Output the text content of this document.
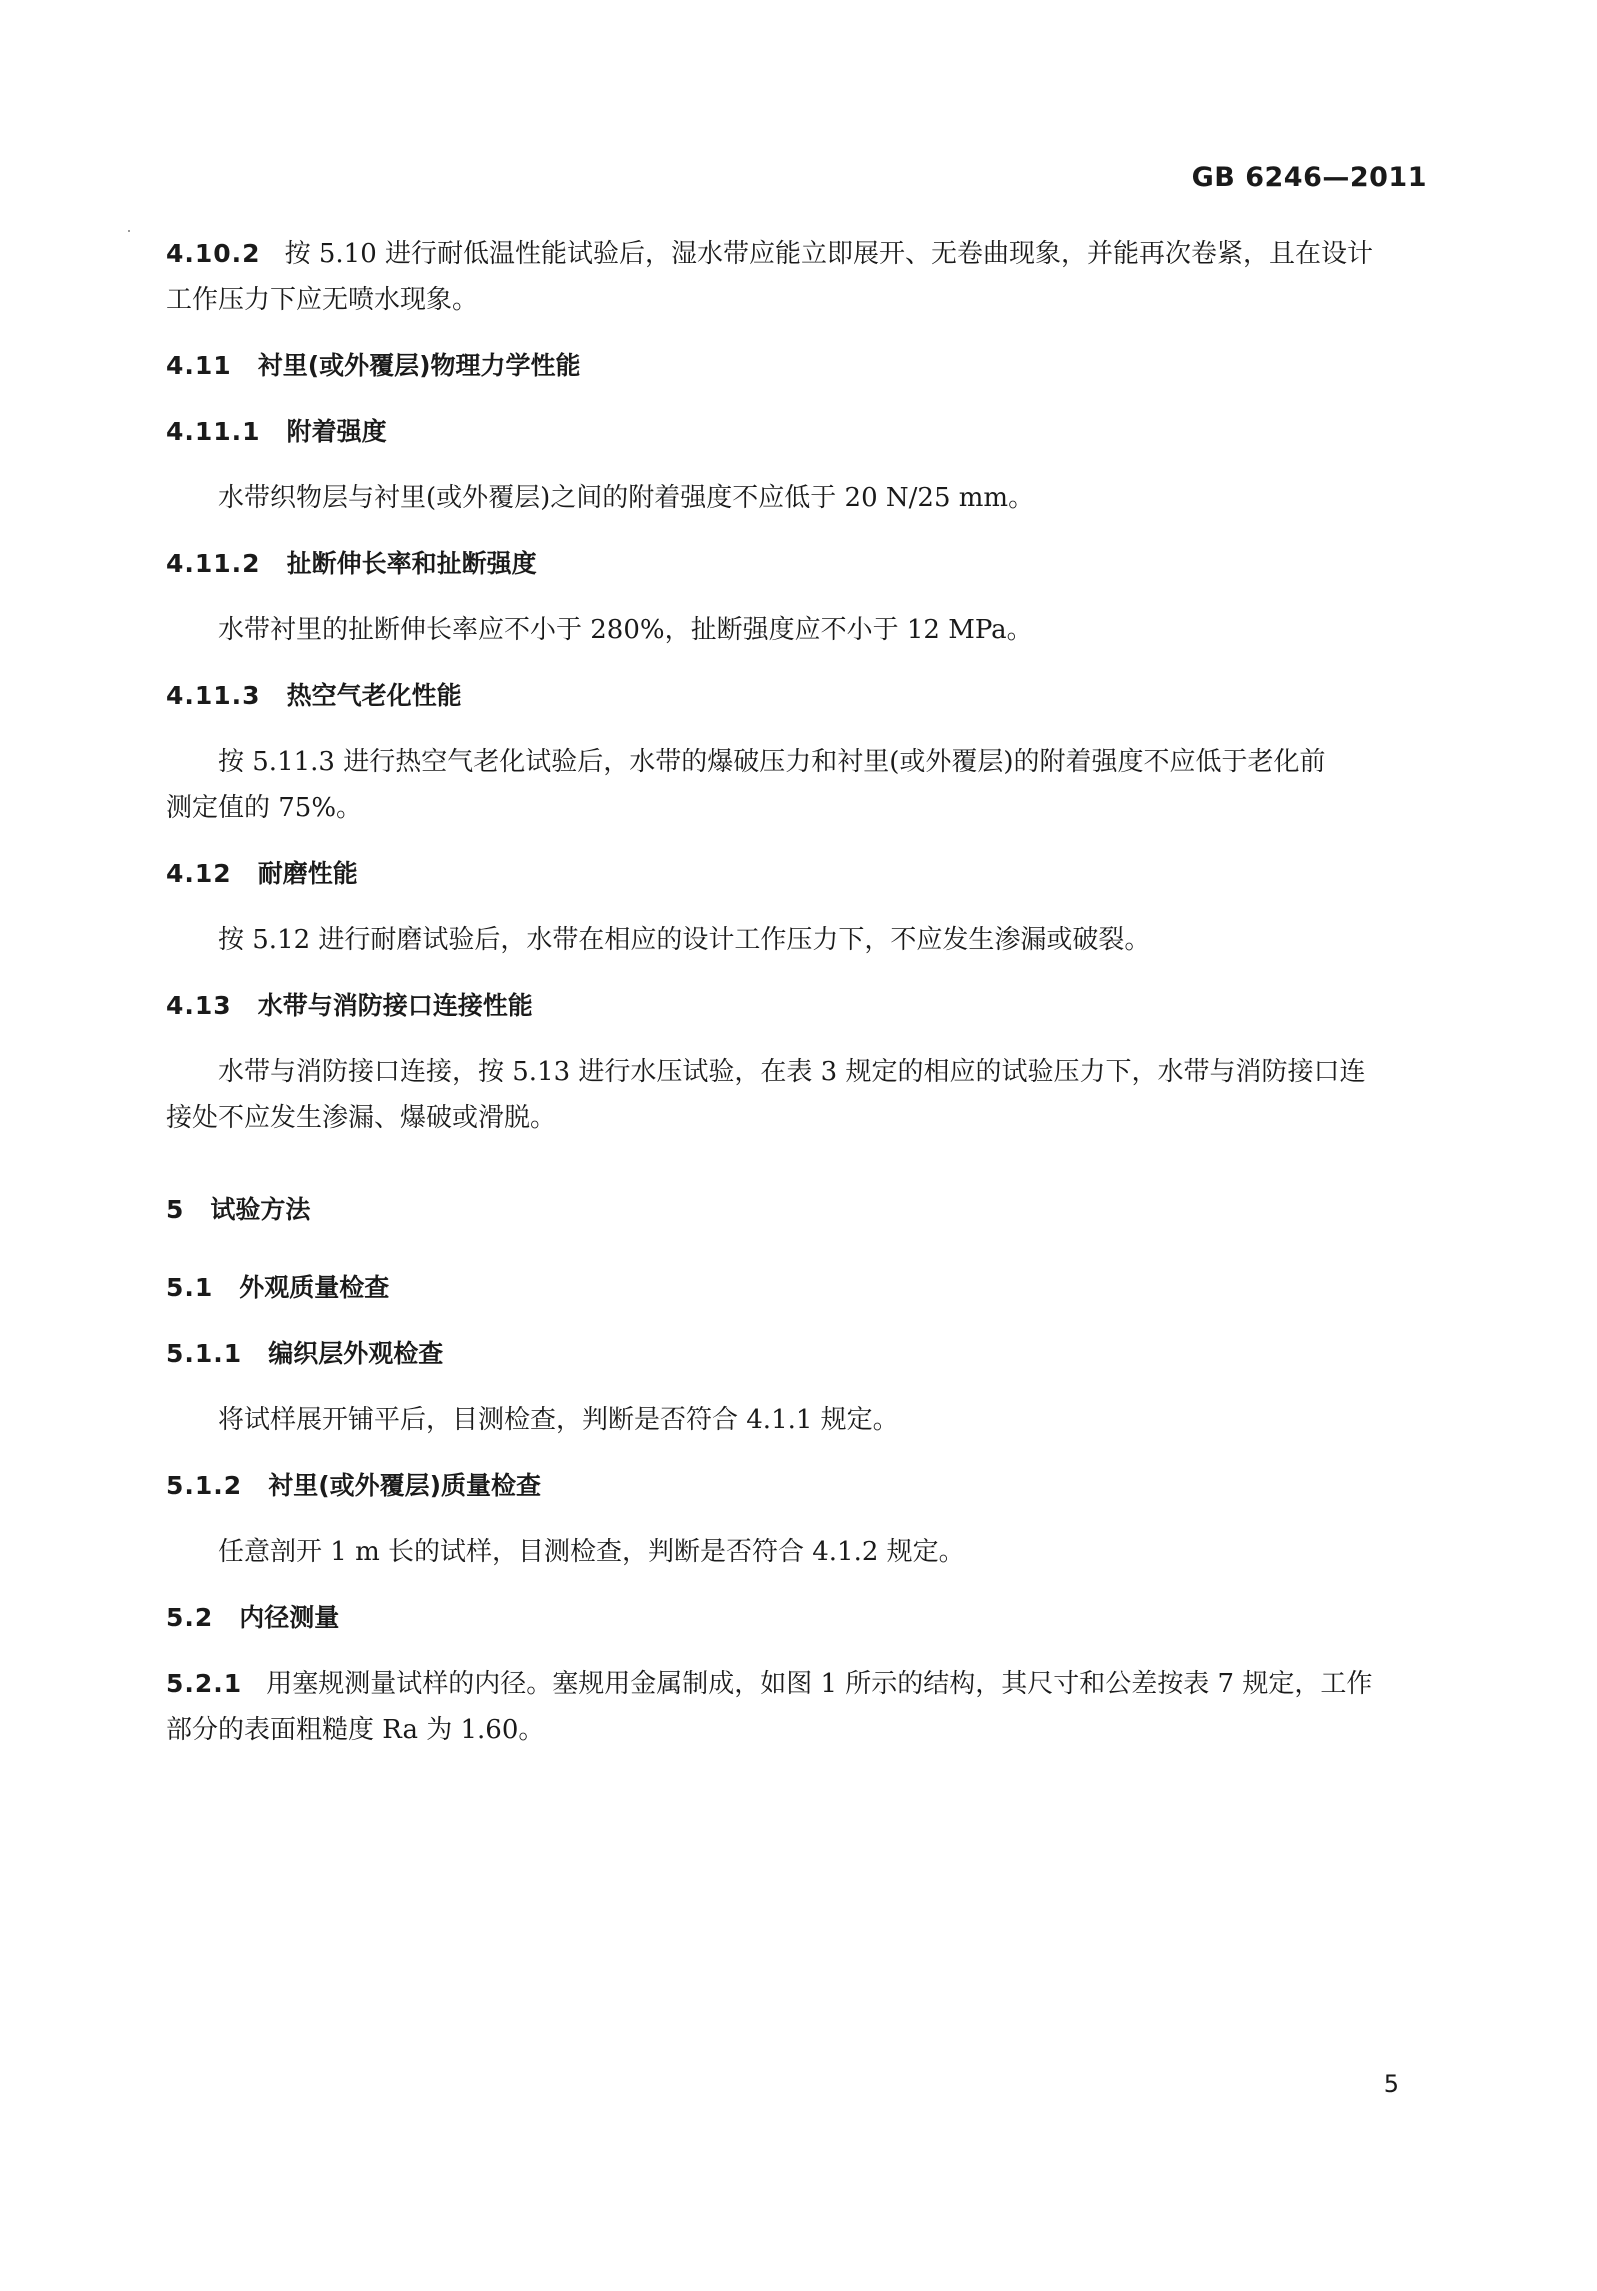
GB 6246—2011
4.10.2 按 5.10 进行耐低温性能试验后，湿水带应能立即展开、无卷曲现象，并能再次卷紧，且在设计
工作压力下应无喷水现象。
4.11 衬里(或外覆层)物理力学性能
4.11.1 附着强度
水带织物层与衬里(或外覆层)之间的附着强度不应低于 20 N/25 mm。
4.11.2 扯断伸长率和扯断强度
水带衬里的扯断伸长率应不小于 280%，扯断强度应不小于 12 MPa。
4.11.3 热空气老化性能
按 5.11.3 进行热空气老化试验后，水带的爆破压力和衬里(或外覆层)的附着强度不应低于老化前
测定值的 75%。
4.12 耐磨性能
按 5.12 进行耐磨试验后，水带在相应的设计工作压力下，不应发生渗漏或破裂。
4.13 水带与消防接口连接性能
水带与消防接口连接，按 5.13 进行水压试验，在表 3 规定的相应的试验压力下，水带与消防接口连
接处不应发生渗漏、爆破或滑脱。
5 试验方法
5.1 外观质量检查
5.1.1 编织层外观检查
将试样展开铺平后，目测检查，判断是否符合 4.1.1 规定。
5.1.2 衬里(或外覆层)质量检查
任意剖开 1 m 长的试样，目测检查，判断是否符合 4.1.2 规定。
5.2 内径测量
5.2.1 用塞规测量试样的内径。塞规用金属制成，如图 1 所示的结构，其尺寸和公差按表 7 规定，工作
部分的表面粗糙度 Ra 为 1.60。
5
